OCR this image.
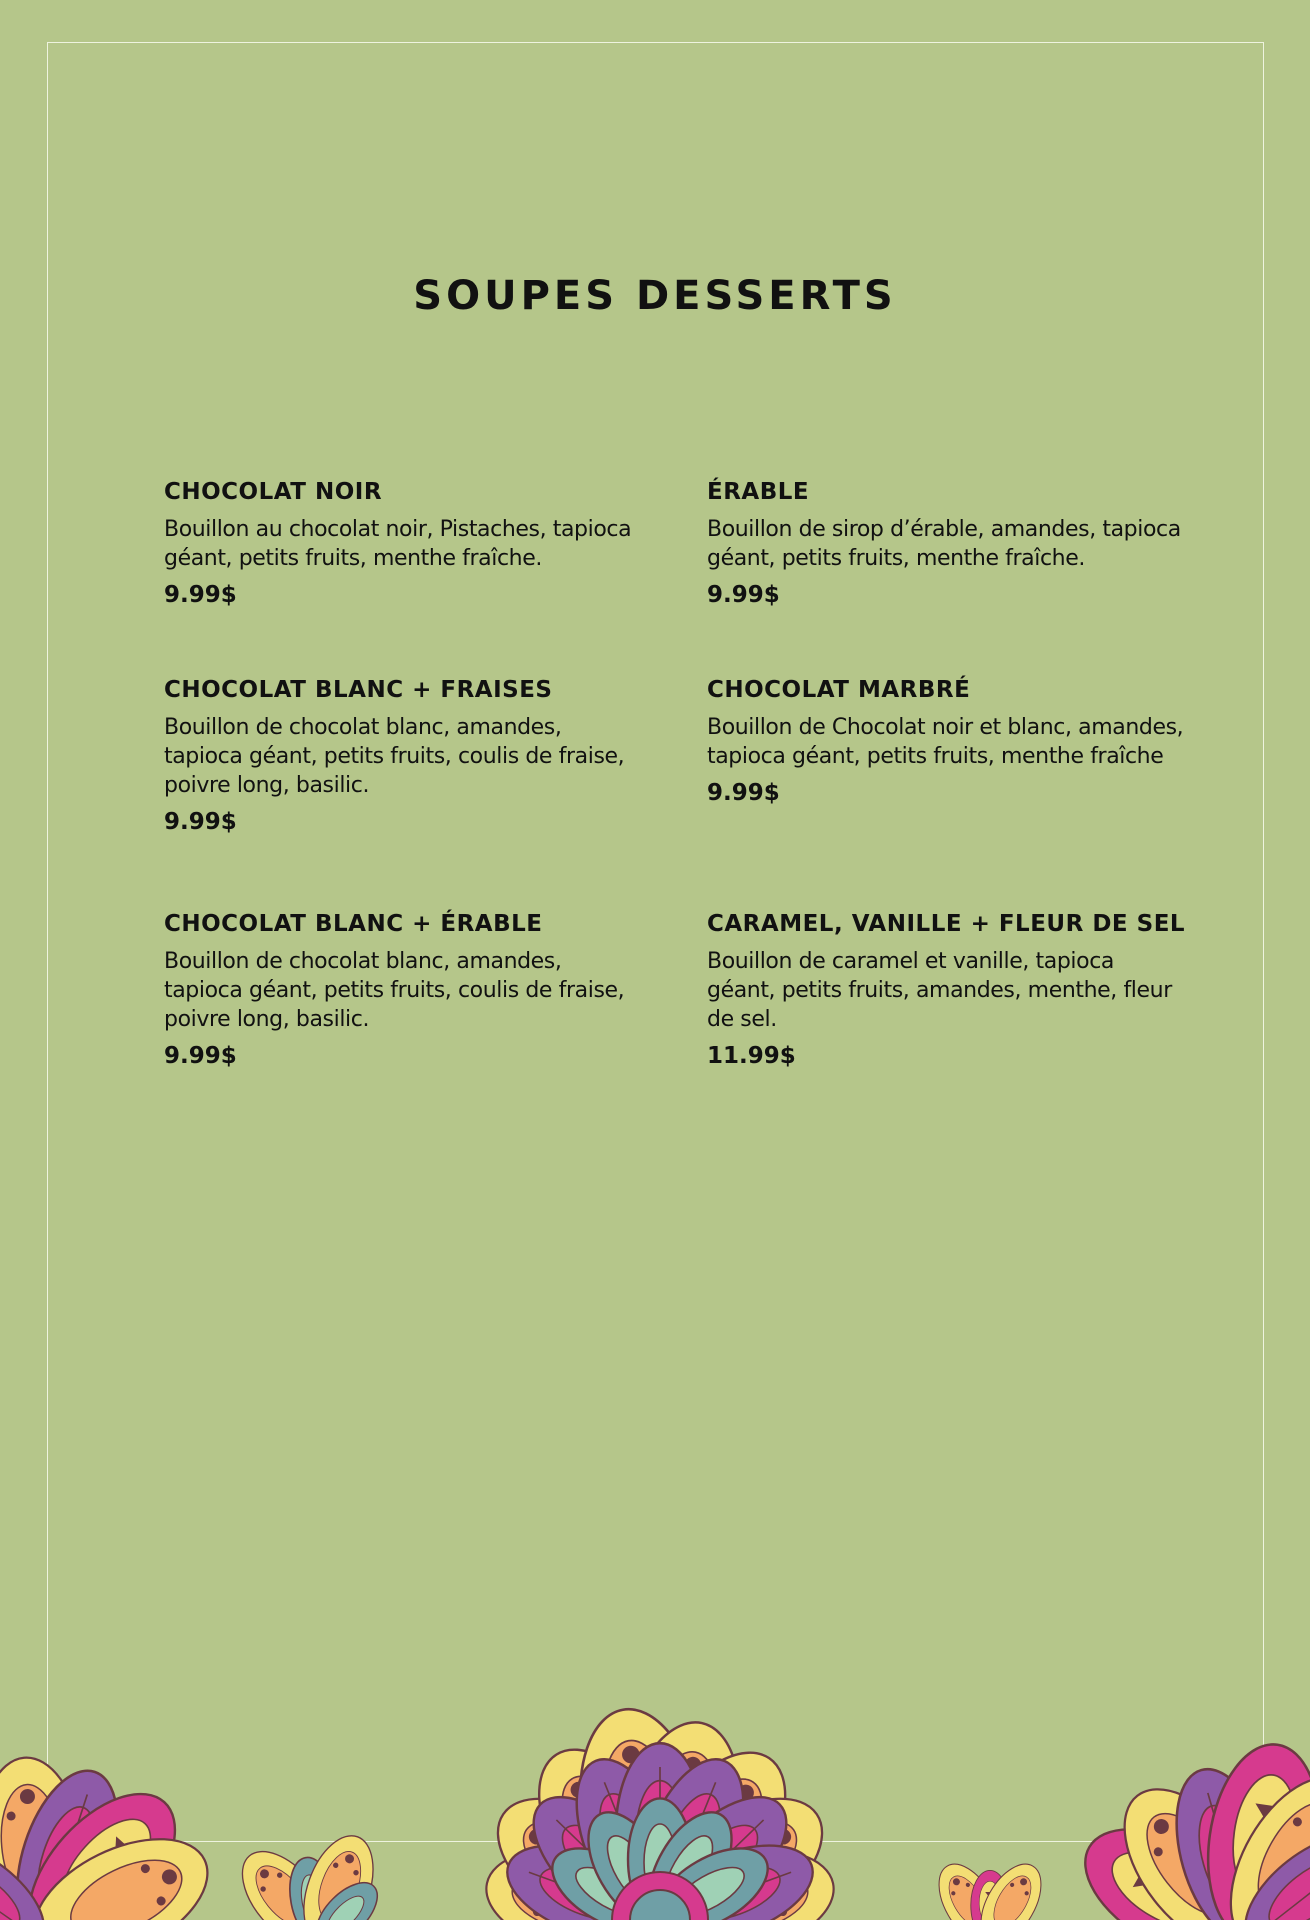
SOUPES DESSERTS

CHOCOLAT NOIR

Bouillon au chocolat noir, Pistaches, tapioca géant, petits fruits, menthe fraîche.

9.99$

ÉRABLE

Bouillon de sirop d’érable, amandes, tapioca géant, petits fruits, menthe fraîche.

9.99$

CHOCOLAT BLANC + FRAISES

Bouillon de chocolat blanc, amandes, tapioca géant, petits fruits, coulis de fraise, poivre long, basilic.

9.99$

CHOCOLAT MARBRÉ

Bouillon de Chocolat noir et blanc, amandes, tapioca géant, petits fruits, menthe fraîche

9.99$

CHOCOLAT BLANC + ÉRABLE

Bouillon de chocolat blanc, amandes, tapioca géant, petits fruits, coulis de fraise, poivre long, basilic.

9.99$

CARAMEL, VANILLE + FLEUR DE SEL

Bouillon de caramel et vanille, tapioca géant, petits fruits, amandes, menthe, fleur de sel.

11.99$
